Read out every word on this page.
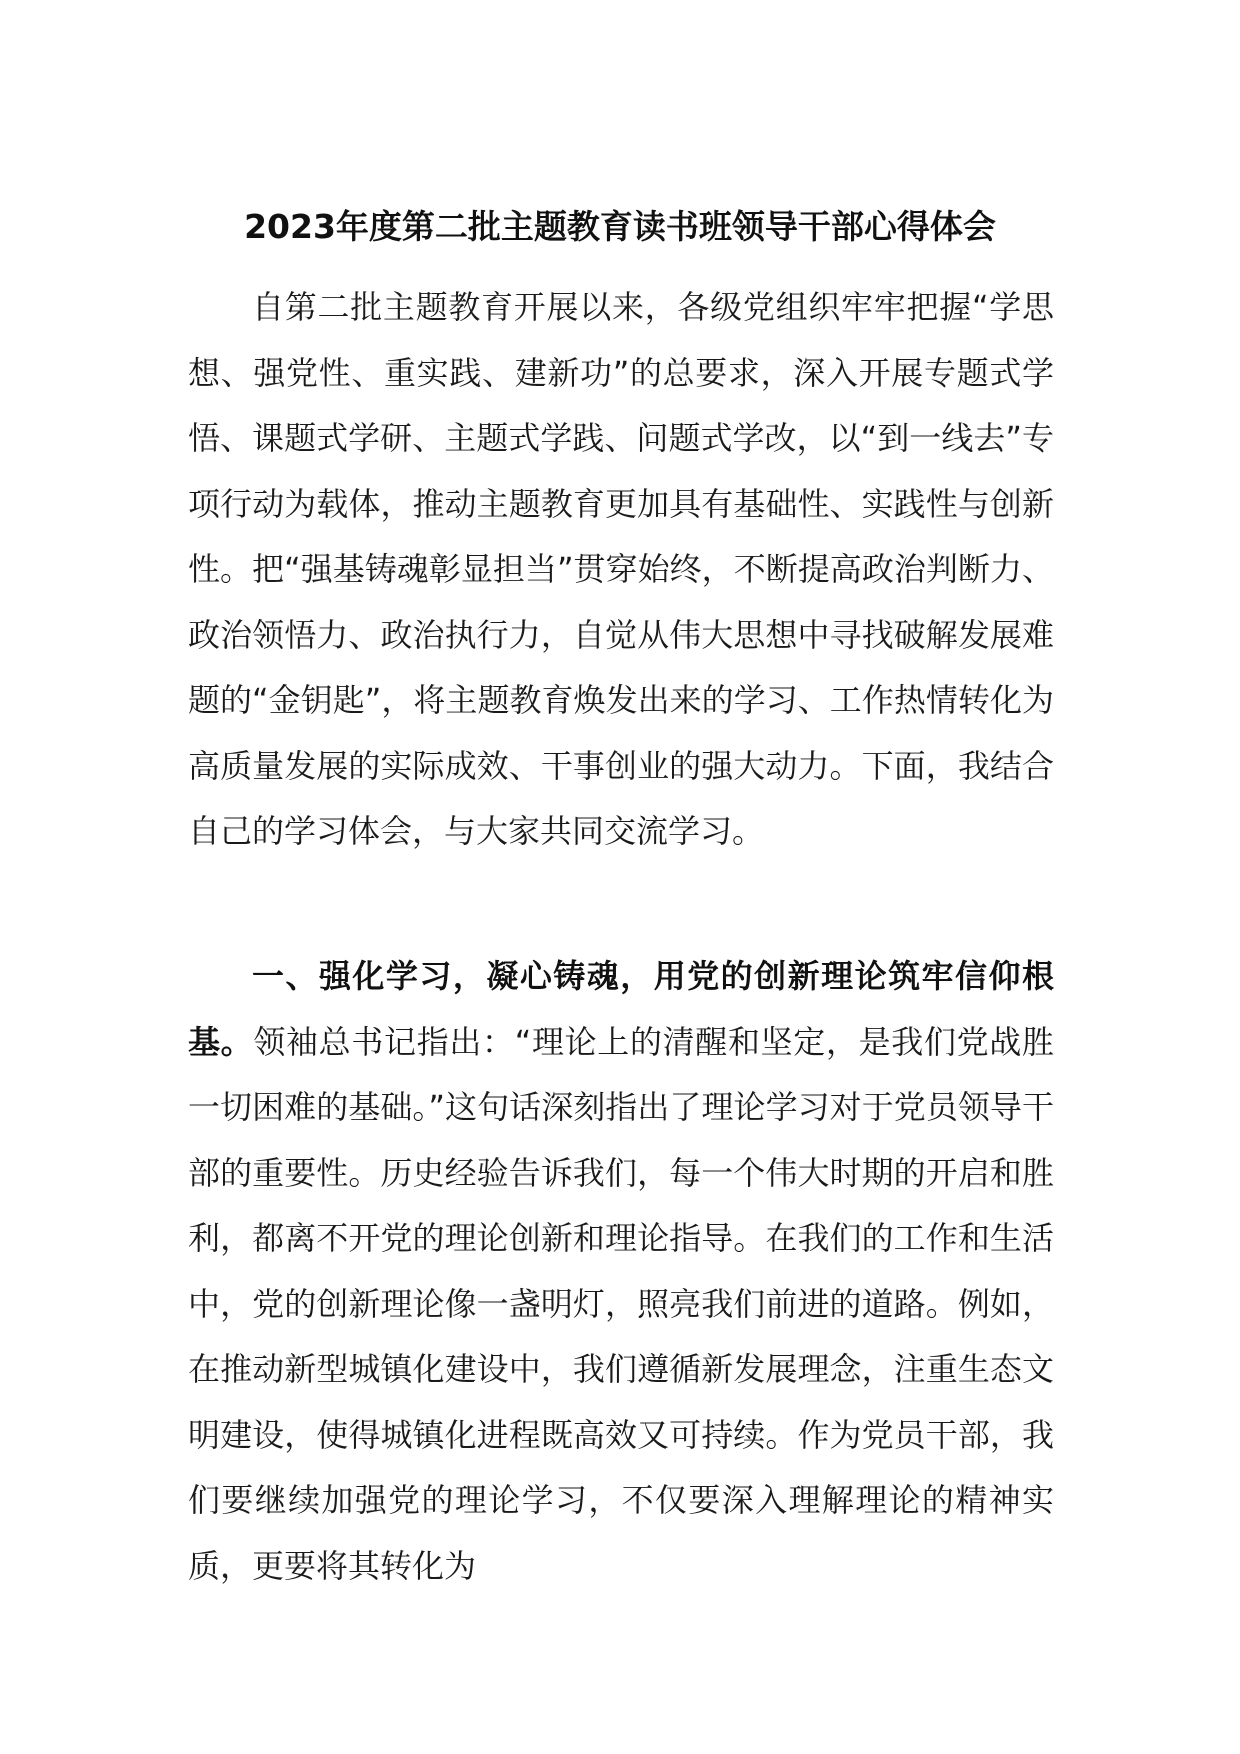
2023年度第二批主题教育读书班领导干部心得体会

自第二批主题教育开展以来，各级党组织牢牢把握“学思想、强党性、重实践、建新功”的总要求，深入开展专题式学悟、课题式学研、主题式学践、问题式学改，以“到一线去”专项行动为载体，推动主题教育更加具有基础性、实践性与创新性。把“强基铸魂彰显担当”贯穿始终，不断提高政治判断力、政治领悟力、政治执行力，自觉从伟大思想中寻找破解发展难题的“金钥匙”，将主题教育焕发出来的学习、工作热情转化为高质量发展的实际成效、干事创业的强大动力。下面，我结合自己的学习体会，与大家共同交流学习。

一、强化学习，凝心铸魂，用党的创新理论筑牢信仰根基。领袖总书记指出：“理论上的清醒和坚定，是我们党战胜一切困难的基础。”这句话深刻指出了理论学习对于党员领导干部的重要性。历史经验告诉我们，每一个伟大时期的开启和胜利，都离不开党的理论创新和理论指导。在我们的工作和生活中，党的创新理论像一盏明灯，照亮我们前进的道路。例如，在推动新型城镇化建设中，我们遵循新发展理念，注重生态文明建设，使得城镇化进程既高效又可持续。作为党员干部，我们要继续加强党的理论学习，不仅要深入理解理论的精神实质，更要将其转化为
